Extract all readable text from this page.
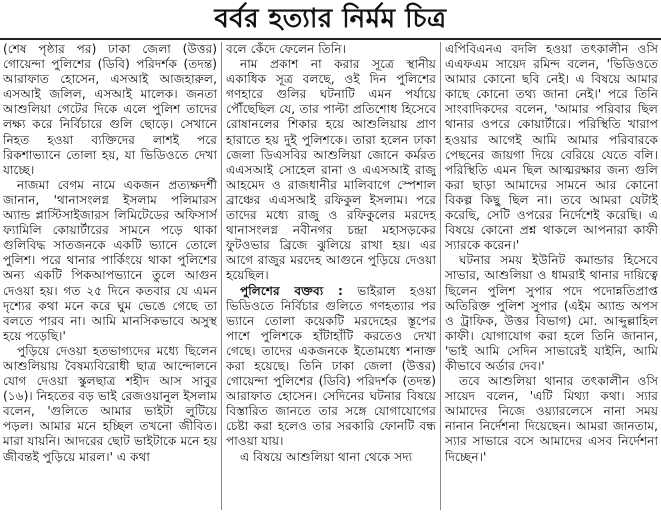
বর্বর হত্যার নির্মম চিত্র

(শেষ পৃষ্ঠার পর) ঢাকা জেলা (উত্তর) গোয়েন্দা পুলিশের (ডিবি) পরিদর্শক (তদন্ত) আরাফাত হোসেন, এসআই আজহারুল, এসআই জলিল, এসআই মালেক। জনতা আশুলিয়া গেটের দিকে এলে পুলিশ তাদের লক্ষ্য করে নির্বিচারে গুলি ছোড়ে। সেখানে নিহত হওয়া ব্যক্তিদের লাশই পরে রিকশাভ্যানে তোলা হয়, যা ভিডিওতে দেখা যাচ্ছে।

নাজমা বেগম নামে একজন প্রত্যক্ষদর্শী জানান, 'থানাসংলগ্ন ইসলাম পলিমারস অ্যান্ড প্লাস্টিসাইজারস লিমিটেডের অফিসার্স ফ্যামিলি কোয়ার্টারের সামনে পড়ে থাকা গুলিবিদ্ধ সাতজনকে একটি ভ্যানে তোলে পুলিশ। পরে থানার পার্কিংয়ে থাকা পুলিশের অন্য একটি পিকআপভ্যানে তুলে আগুন দেওয়া হয়। গত ২৫ দিনে কতবার যে এমন দৃশ্যের কথা মনে করে ঘুম ভেঙে গেছে তা বলতে পারব না। আমি মানসিকভাবে অসুস্থ হয়ে পড়েছি।'

পুড়িয়ে দেওয়া হতভাগ্যদের মধ্যে ছিলেন আশুলিয়ায় বৈষম্যবিরোধী ছাত্র আন্দোলনে যোগ দেওয়া স্কুলছাত্র শহীদ আস সাবুর (১৬)। নিহতের বড় ভাই রেজওয়ানুল ইসলাম বলেন, 'গুলিতে আমার ভাইটা লুটিয়ে পড়ল। আমার মনে হচ্ছিল তখনো জীবিত। মারা যায়নি। আদরের ছোট ভাইটাকে মনে হয় জীবন্তই পুড়িয়ে মারল।' এ কথা

বলে কেঁদে ফেলেন তিনি।

নাম প্রকাশ না করার সূত্রে স্থানীয় একাধিক সূত্র বলছে, ওই দিন পুলিশের গণহারে গুলির ঘটনাটি এমন পর্যায়ে পৌঁছেছিল যে, তার পাল্টা প্রতিশোধ হিসেবে রোষানলের শিকার হয়ে আশুলিয়ায় প্রাণ হারাতে হয় দুই পুলিশকে। তারা হলেন ঢাকা জেলা ডিএসবির আশুলিয়া জোনে কর্মরত এএসআই সোহেল রানা ও এএসআই রাজু আহমেদ ও রাজধানীর মালিবাগে স্পেশাল ব্রাঞ্চের এএসআই রফিকুল ইসলাম। পরে তাদের মধ্যে রাজু ও রফিকুলের মরদেহ থানাসংলগ্ন নবীনগর চন্দ্রা মহাসড়কের ফুটওভার ব্রিজে ঝুলিয়ে রাখা হয়। এর আগে রাজুর মরদেহ আগুনে পুড়িয়ে দেওয়া হয়েছিল।

পুলিশের বক্তব্য : ভাইরাল হওয়া ভিডিওতে নির্বিচার গুলিতে গণহত্যার পর ভ্যানে তোলা কয়েকটি মরদেহের স্তূপের পাশে পুলিশকে হাঁটাহাঁটি করতেও দেখা গেছে। তাদের একজনকে ইতোমধ্যে শনাক্ত করা হয়েছে। তিনি ঢাকা জেলা (উত্তর) গোয়েন্দা পুলিশের (ডিবি) পরিদর্শক (তদন্ত) আরাফাত হোসেন। সেদিনের ঘটনার বিষয়ে বিস্তারিত জানতে তার সঙ্গে যোগাযোগের চেষ্টা করা হলেও তার সরকারি ফোনটি বন্ধ পাওয়া যায়।

এ বিষয়ে আশুলিয়া থানা থেকে সদ্য

এপিবিএনএ বদলি হওয়া তৎকালীন ওসি এএফএম সায়েদ রমিন্দ বলেন, 'ভিডিওতে আমার কোনো ছবি নেই। এ বিষয়ে আমার কাছে কোনো তথ্য জানা নেই।' পরে তিনি সাংবাদিকদের বলেন, 'আমার পরিবার ছিল থানার ওপরে কোয়ার্টারে। পরিস্থিতি খারাপ হওয়ার আগেই আমি আমার পরিবারকে পেছনের জায়গা দিয়ে বেরিয়ে যেতে বলি। পরিস্থিতি এমন ছিল আত্মরক্ষার জন্য গুলি করা ছাড়া আমাদের সামনে আর কোনো বিকল্প কিছু ছিল না। তবে আমরা যেটাই করেছি, সেটি ওপরের নির্দেশেই করেছি। এ বিষয়ে কোনো প্রশ্ন থাকলে আপনারা কাফী স্যারকে করেন।'

ঘটনার সময় ইউনিট কমান্ডার হিসেবে সাভার, আশুলিয়া ও ধামরাই থানার দায়িত্বে ছিলেন পুলিশ সুপার পদে পদোন্নতিপ্রাপ্ত অতিরিক্ত পুলিশ সুপার (এইম অ্যান্ড অপস ও ট্রাফিক, উত্তর বিভাগ) মো. আব্দুল্লাহিল কাফী। যোগাযোগ করা হলে তিনি জানান, 'ভাই আমি সেদিন সাভারেই যাইনি, আমি কীভাবে অর্ডার দেব।'

তবে আশুলিয়া থানার তৎকালীন ওসি সায়েদ বলেন, 'এটি মিথ্যা কথা। স্যার আমাদের নিজে ওয়্যারলেসে নানা সময় নানান নির্দেশনা দিয়েছেন। আমরা জানতাম, স্যার সাভারে বসে আমাদের এসব নির্দেশনা দিচ্ছেন।'
